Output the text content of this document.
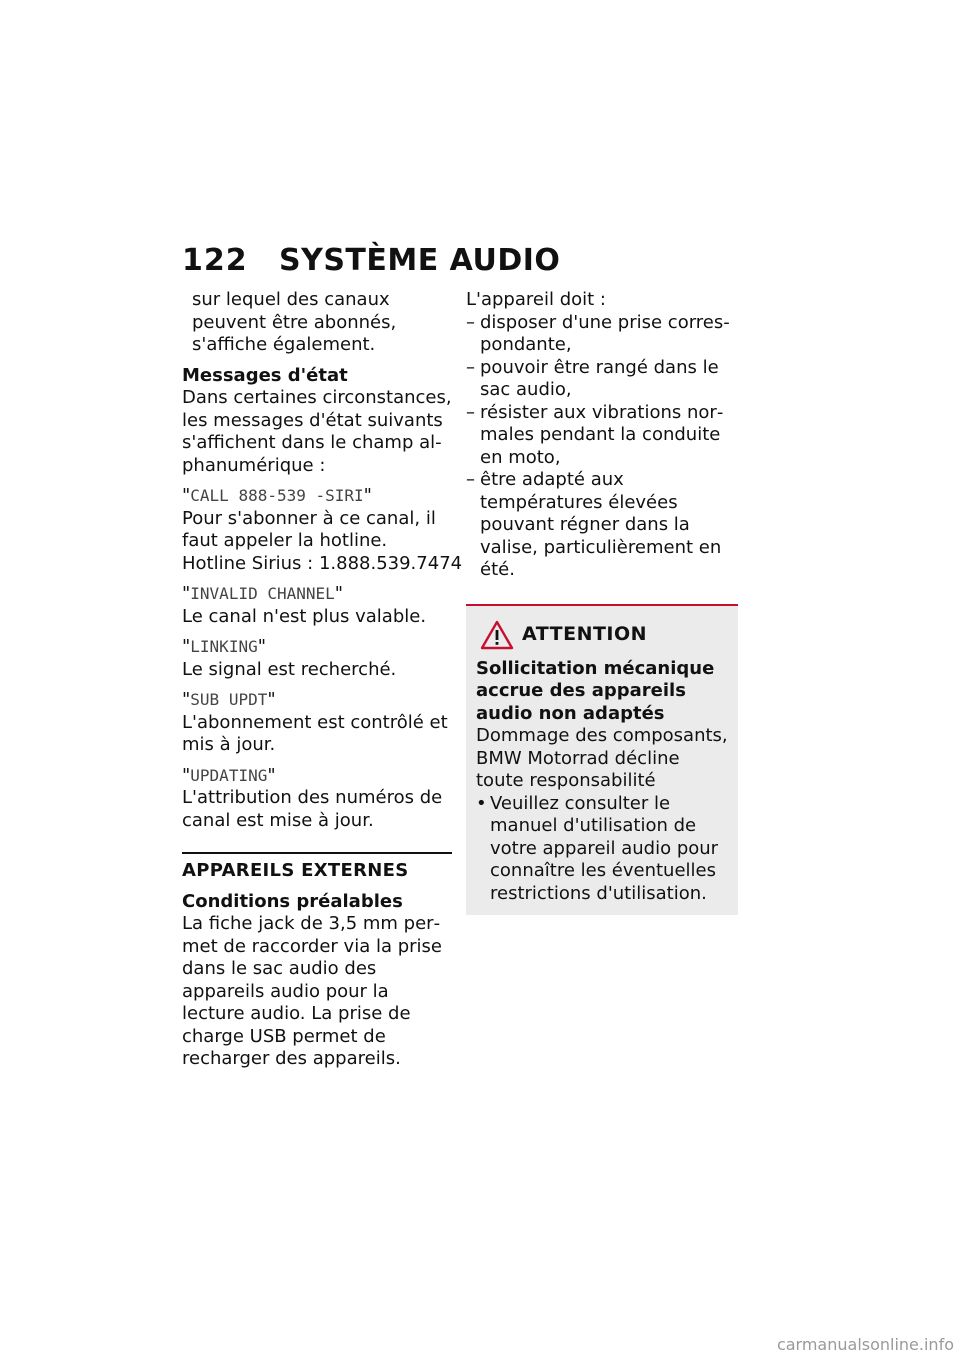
122	SYSTÈME AUDIO

sur lequel des canaux peuvent être abonnés, s'affiche également.

Messages d'état

Dans certaines circonstances, les messages d'état suivants s'affichent dans le champ alphanumérique :

"CALL 888-539 -SIRI"

Pour s'abonner à ce canal, il faut appeler la hotline.

Hotline Sirius : 1.888.539.7474

"INVALID CHANNEL"

Le canal n'est plus valable.

"LINKING"

Le signal est recherché.

"SUB UPDT"

L'abonnement est contrôlé et mis à jour.

"UPDATING"

L'attribution des numéros de canal est mise à jour.

APPAREILS EXTERNES

Conditions préalables

La fiche jack de 3,5 mm permet de raccorder via la prise dans le sac audio des appareils audio pour la lecture audio. La prise de charge USB permet de recharger des appareils.

L'appareil doit :

– disposer d'une prise correspondante,
– pouvoir être rangé dans le sac audio,
– résister aux vibrations normales pendant la conduite en moto,
– être adapté aux températures élevées pouvant régner dans la valise, particulièrement en été.
ATTENTION

Sollicitation mécanique accrue des appareils audio non adaptés

Dommage des composants, BMW Motorrad décline toute responsabilité

• Veuillez consulter le manuel d'utilisation de votre appareil audio pour connaître les éventuelles restrictions d'utilisation.
carmanualsonline.info
